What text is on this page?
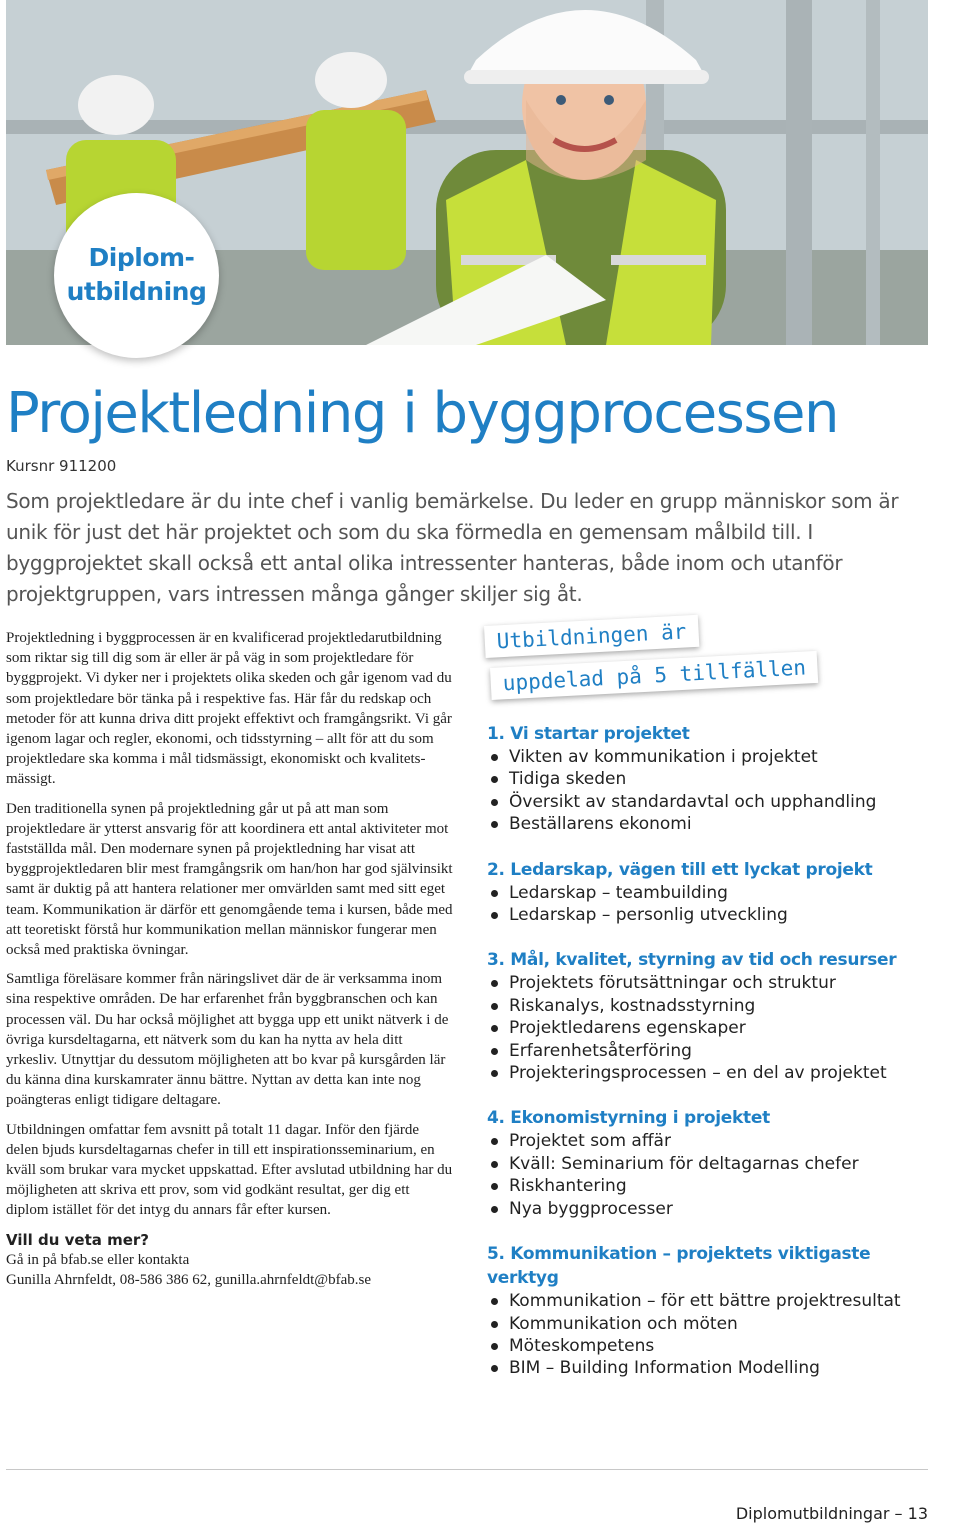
Diplom-
utbildning
Projektledning i byggprocessen
Kursnr 911200

Som projektledare är du inte chef i vanlig bemärkelse. Du leder en grupp människor som är unik för just det här projektet och som du ska förmedla en gemensam målbild till. I byggprojektet skall också ett antal olika intressenter hanteras, både inom och utanför projektgruppen, vars intressen många gånger skiljer sig åt.

Projektledning i byggprocessen är en kvalificerad projektledarutbildning som riktar sig till dig som är eller är på väg in som projektledare för byggprojekt. Vi dyker ner i projektets olika skeden och går igenom vad du som projektledare bör tänka på i respektive fas. Här får du redskap och metoder för att kunna driva ditt projekt effektivt och framgångsrikt. Vi går igenom lagar och regler, ekonomi, och tidsstyrning – allt för att du som projektledare ska komma i mål tidsmässigt, ekonomiskt och kvalitetsmässigt.

Den traditionella synen på projektledning går ut på att man som projektledare är ytterst ansvarig för att koordinera ett antal aktiviteter mot fastställda mål. Den modernare synen på projektledning har visat att byggprojektledaren blir mest framgångsrik om han/hon har god självinsikt samt är duktig på att hantera relationer mer omvärlden samt med sitt eget team. Kommunikation är därför ett genomgående tema i kursen, både med att teoretiskt förstå hur kommunikation mellan människor fungerar men också med praktiska övningar.

Samtliga föreläsare kommer från näringslivet där de är verksamma inom sina respektive områden. De har erfarenhet från byggbranschen och kan processen väl. Du har också möjlighet att bygga upp ett unikt nätverk i de övriga kursdeltagarna, ett nätverk som du kan ha nytta av hela ditt yrkesliv. Utnyttjar du dessutom möjligheten att bo kvar på kursgården lär du känna dina kurskamrater ännu bättre. Nyttan av detta kan inte nog poängteras enligt tidigare deltagare.

Utbildningen omfattar fem avsnitt på totalt 11 dagar. Inför den fjärde delen bjuds kursdeltagarnas chefer in till ett inspirationsseminarium, en kväll som brukar vara mycket uppskattad. Efter avslutad utbildning har du möjligheten att skriva ett prov, som vid godkänt resultat, ger dig ett diplom istället för det intyg du annars får efter kursen.

Vill du veta mer?

Gå in på bfab.se eller kontakta

Gunilla Ahrnfeldt, 08-586 386 62, gunilla.ahrnfeldt@bfab.se

Utbildningen är
uppdelad på 5 tillfällen
1. Vi startar projektet
Vikten av kommunikation i projektet
Tidiga skeden
Översikt av standardavtal och upphandling
Beställarens ekonomi
2. Ledarskap, vägen till ett lyckat projekt
Ledarskap – teambuilding
Ledarskap – personlig utveckling
3. Mål, kvalitet, styrning av tid och resurser
Projektets förutsättningar och struktur
Riskanalys, kostnadsstyrning
Projektledarens egenskaper
Erfarenhetsåterföring
Projekteringsprocessen – en del av projektet
4. Ekonomistyrning i projektet
Projektet som affär
Kväll: Seminarium för deltagarnas chefer
Riskhantering
Nya byggprocesser
5. Kommunikation – projektets viktigaste verktyg
Kommunikation – för ett bättre projektresultat
Kommunikation och möten
Möteskompetens
BIM – Building Information Modelling
Diplomutbildningar – 13
